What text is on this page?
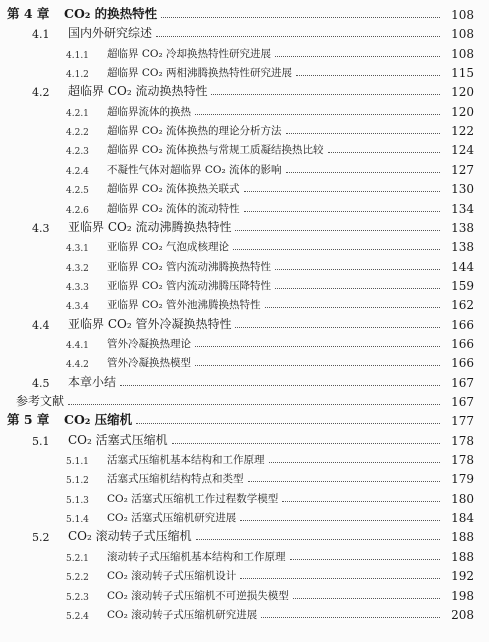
第 4 章	CO₂ 的换热特性	108
4.1	国内外研究综述	108
4.1.1	超临界 CO₂ 冷却换热特性研究进展	108
4.1.2	超临界 CO₂ 两相沸腾换热特性研究进展	115
4.2	超临界 CO₂ 流动换热特性	120
4.2.1	超临界流体的换热	120
4.2.2	超临界 CO₂ 流体换热的理论分析方法	122
4.2.3	超临界 CO₂ 流体换热与常规工质凝结换热比较	124
4.2.4	不凝性气体对超临界 CO₂ 流体的影响	127
4.2.5	超临界 CO₂ 流体换热关联式	130
4.2.6	超临界 CO₂ 流体的流动特性	134
4.3	亚临界 CO₂ 流动沸腾换热特性	138
4.3.1	亚临界 CO₂ 气泡成核理论	138
4.3.2	亚临界 CO₂ 管内流动沸腾换热特性	144
4.3.3	亚临界 CO₂ 管内流动沸腾压降特性	159
4.3.4	亚临界 CO₂ 管外池沸腾换热特性	162
4.4	亚临界 CO₂ 管外冷凝换热特性	166
4.4.1	管外冷凝换热理论	166
4.4.2	管外冷凝换热模型	166
4.5	本章小结	167
参考文献	167
第 5 章	CO₂ 压缩机	177
5.1	CO₂ 活塞式压缩机	178
5.1.1	活塞式压缩机基本结构和工作原理	178
5.1.2	活塞式压缩机结构特点和类型	179
5.1.3	CO₂ 活塞式压缩机工作过程数学模型	180
5.1.4	CO₂ 活塞式压缩机研究进展	184
5.2	CO₂ 滚动转子式压缩机	188
5.2.1	滚动转子式压缩机基本结构和工作原理	188
5.2.2	CO₂ 滚动转子式压缩机设计	192
5.2.3	CO₂ 滚动转子式压缩机不可逆损失模型	198
5.2.4	CO₂ 滚动转子式压缩机研究进展	208
